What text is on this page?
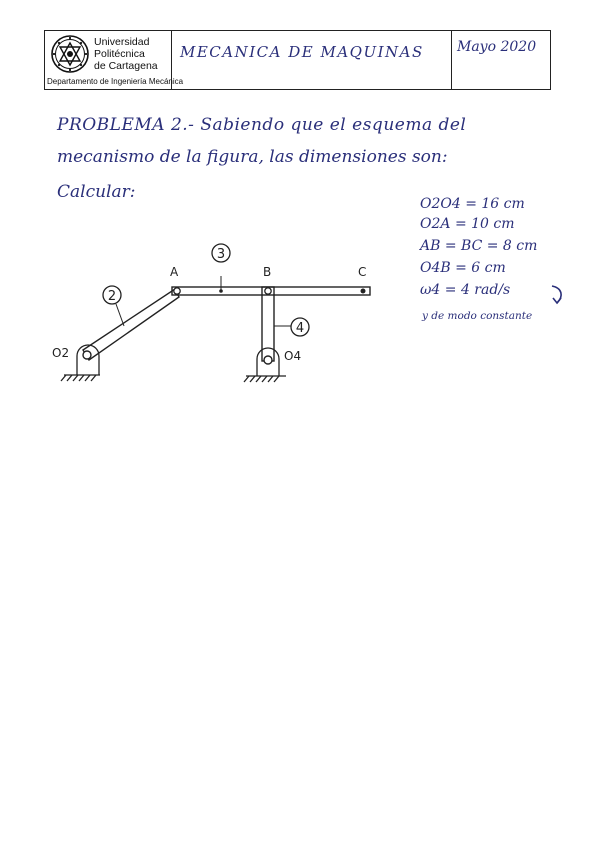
Universidad
Politécnica
de Cartagena
Departamento de Ingeniería Mecánica
MECANICA DE MAQUINAS Mayo 2020
PROBLEMA 2.- Sabiendo que el esquema del
mecanismo de la figura, las dimensiones son:
Calcular:
O2O4 = 16 cm
O2A = 10 cm
AB = BC = 8 cm
O4B = 6 cm
ω4 = 4 rad/s
y de modo constante
2
3
4
A	B	C
O2	O4
